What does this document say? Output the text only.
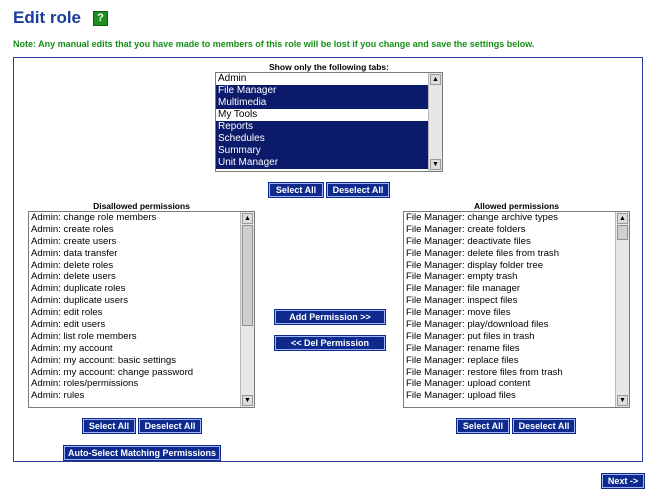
Edit role	?
Note: Any manual edits that you have made to members of this role will be lost if you change and save the settings below.
Show only the following tabs:
Admin
File Manager
Multimedia
My Tools
Reports
Schedules
Summary
Unit Manager
▲
▼
Select All	Deselect All
Disallowed permissions
Admin: change role members
Admin: create roles
Admin: create users
Admin: data transfer
Admin: delete roles
Admin: delete users
Admin: duplicate roles
Admin: duplicate users
Admin: edit roles
Admin: edit users
Admin: list role members
Admin: my account
Admin: my account: basic settings
Admin: my account: change password
Admin: roles/permissions
Admin: rules
▲
▼
Select All	Deselect All
Auto-Select Matching Permissions
Add Permission >>
<< Del Permission
Allowed permissions
File Manager: change archive types
File Manager: create folders
File Manager: deactivate files
File Manager: delete files from trash
File Manager: display folder tree
File Manager: empty trash
File Manager: file manager
File Manager: inspect files
File Manager: move files
File Manager: play/download files
File Manager: put files in trash
File Manager: rename files
File Manager: replace files
File Manager: restore files from trash
File Manager: upload content
File Manager: upload files
▲
▼
Select All	Deselect All
Next ->
